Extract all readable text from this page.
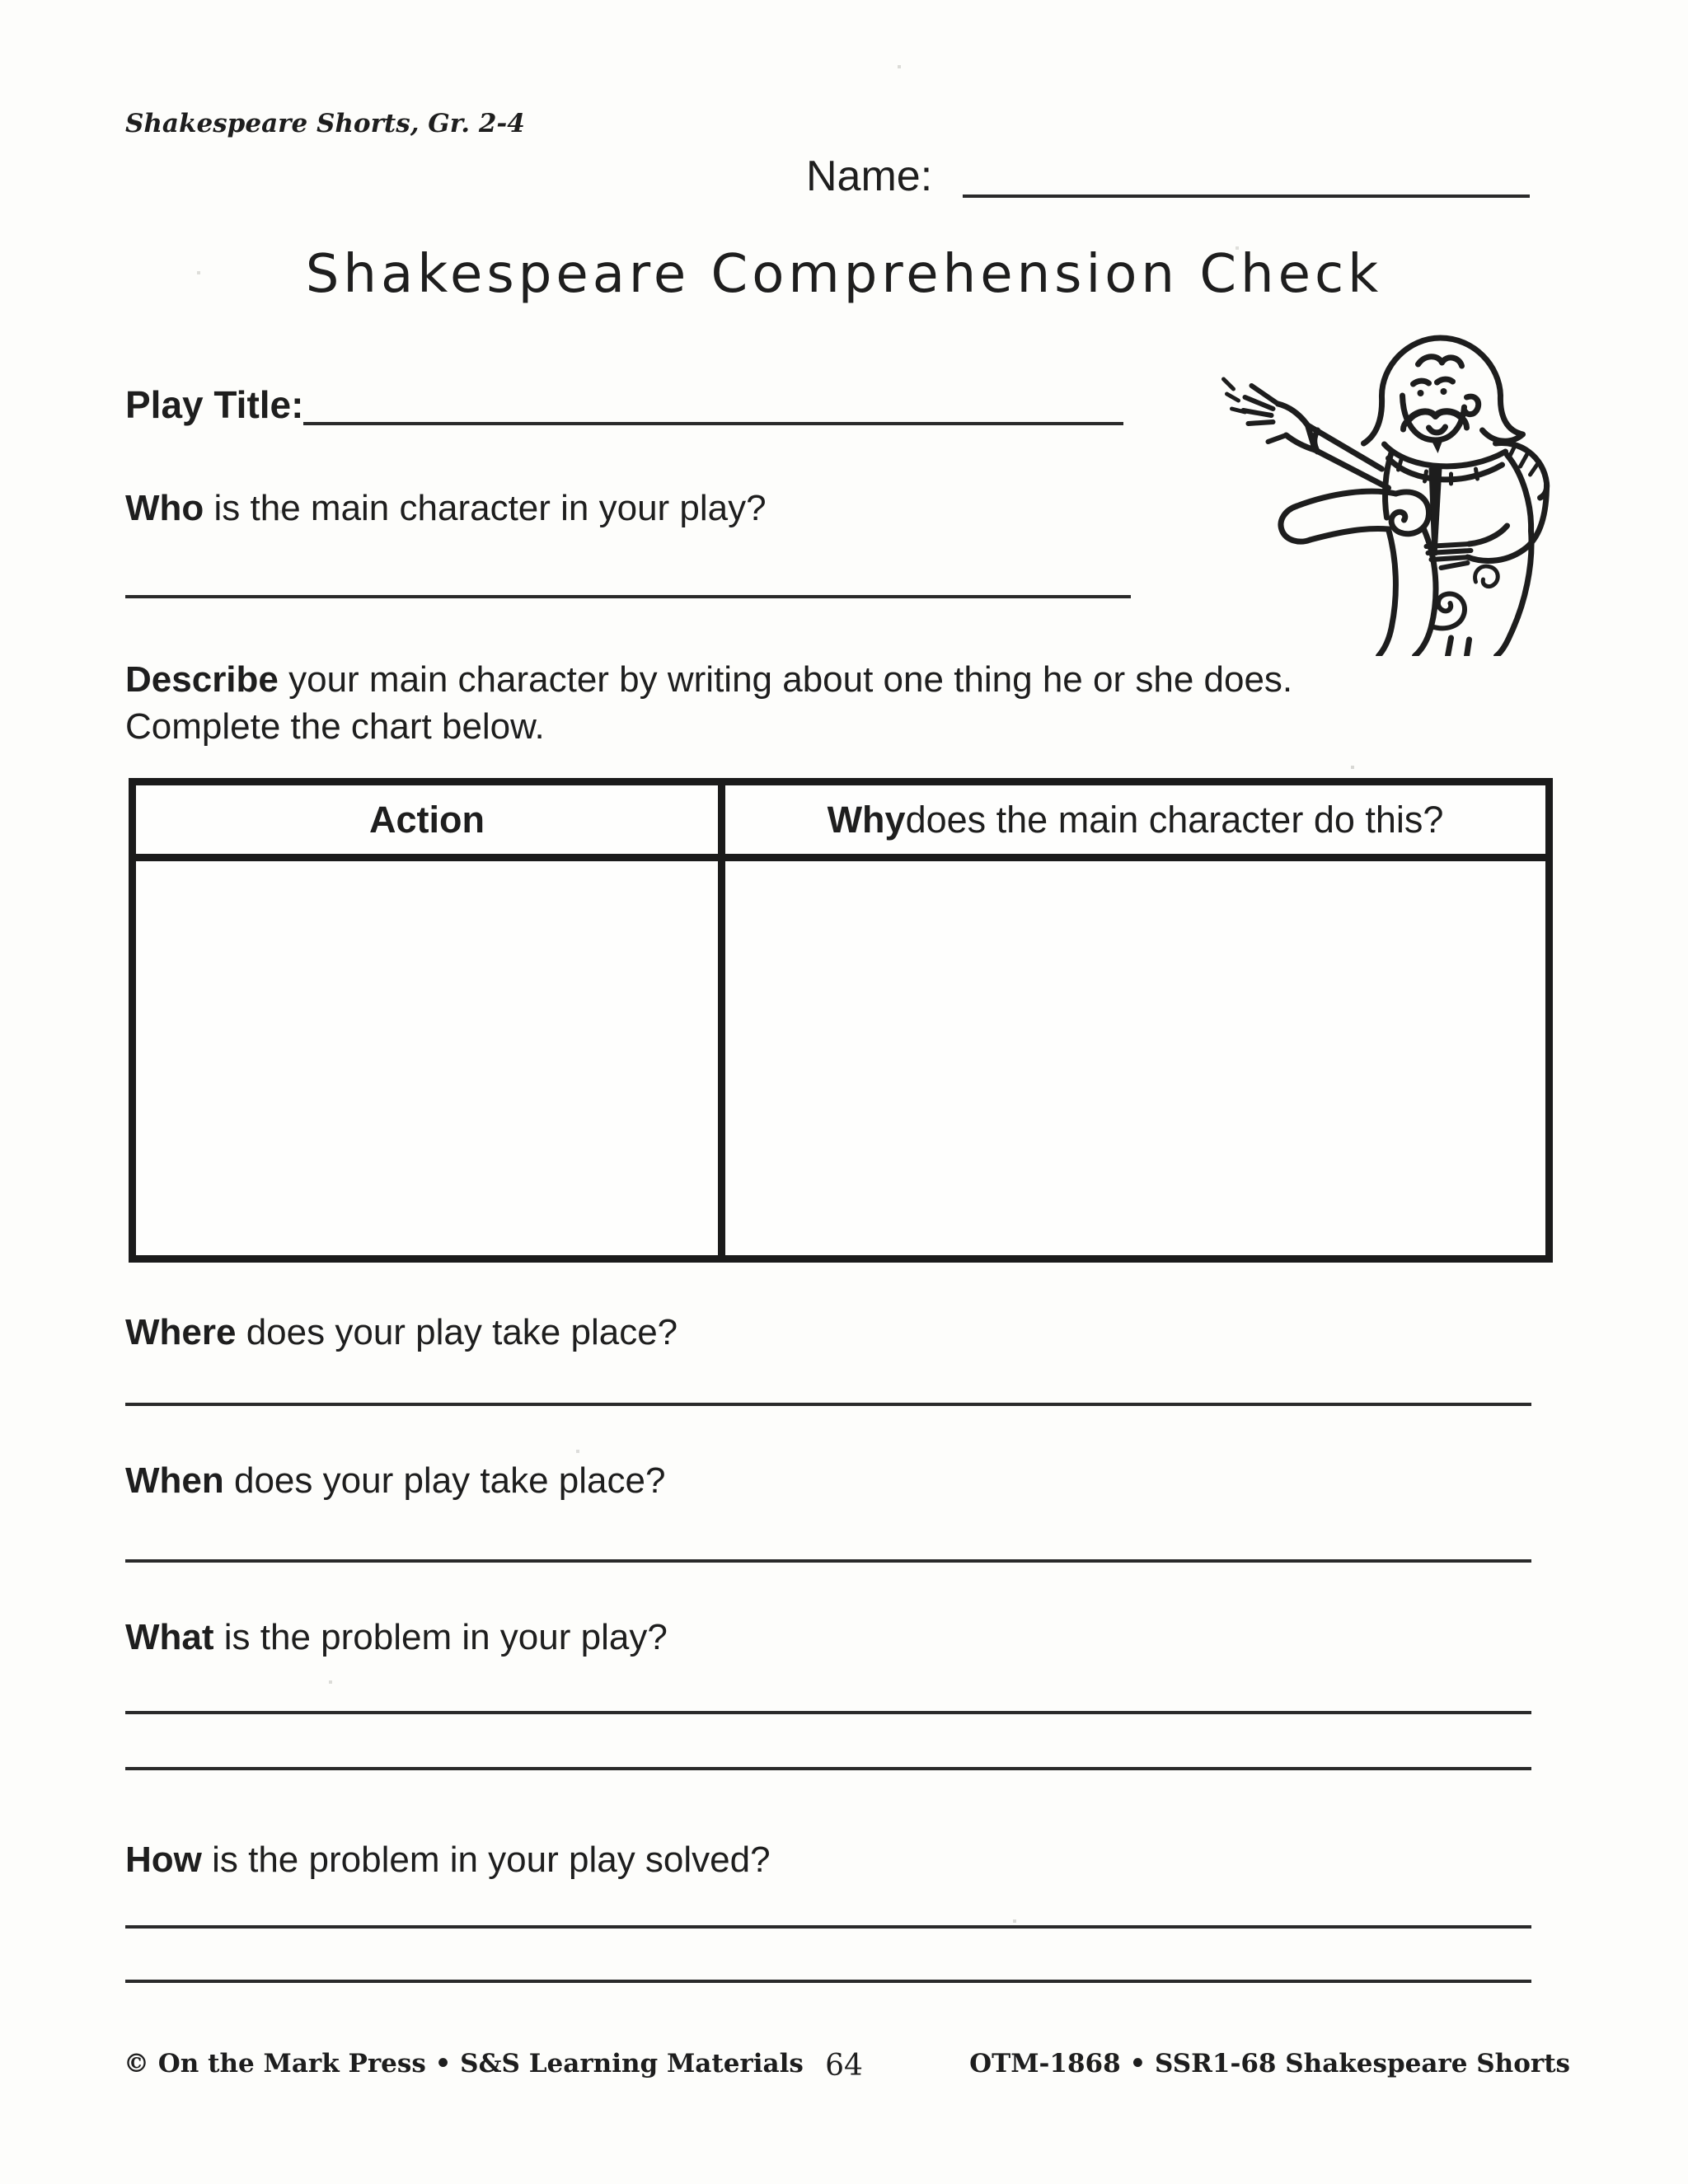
Shakespeare Shorts, Gr. 2-4
Name:
Shakespeare Comprehension Check
Play Title:
Who is the main character in your play?
Describe your main character by writing about one thing he or she does.
Complete the chart below.
Action	Why does the main character do this?
Where does your play take place?
When does your play take place?
What is the problem in your play?
How is the problem in your play solved?
64
© On the Mark Press • S&S Learning Materials	OTM-1868 • SSR1-68 Shakespeare Shorts
